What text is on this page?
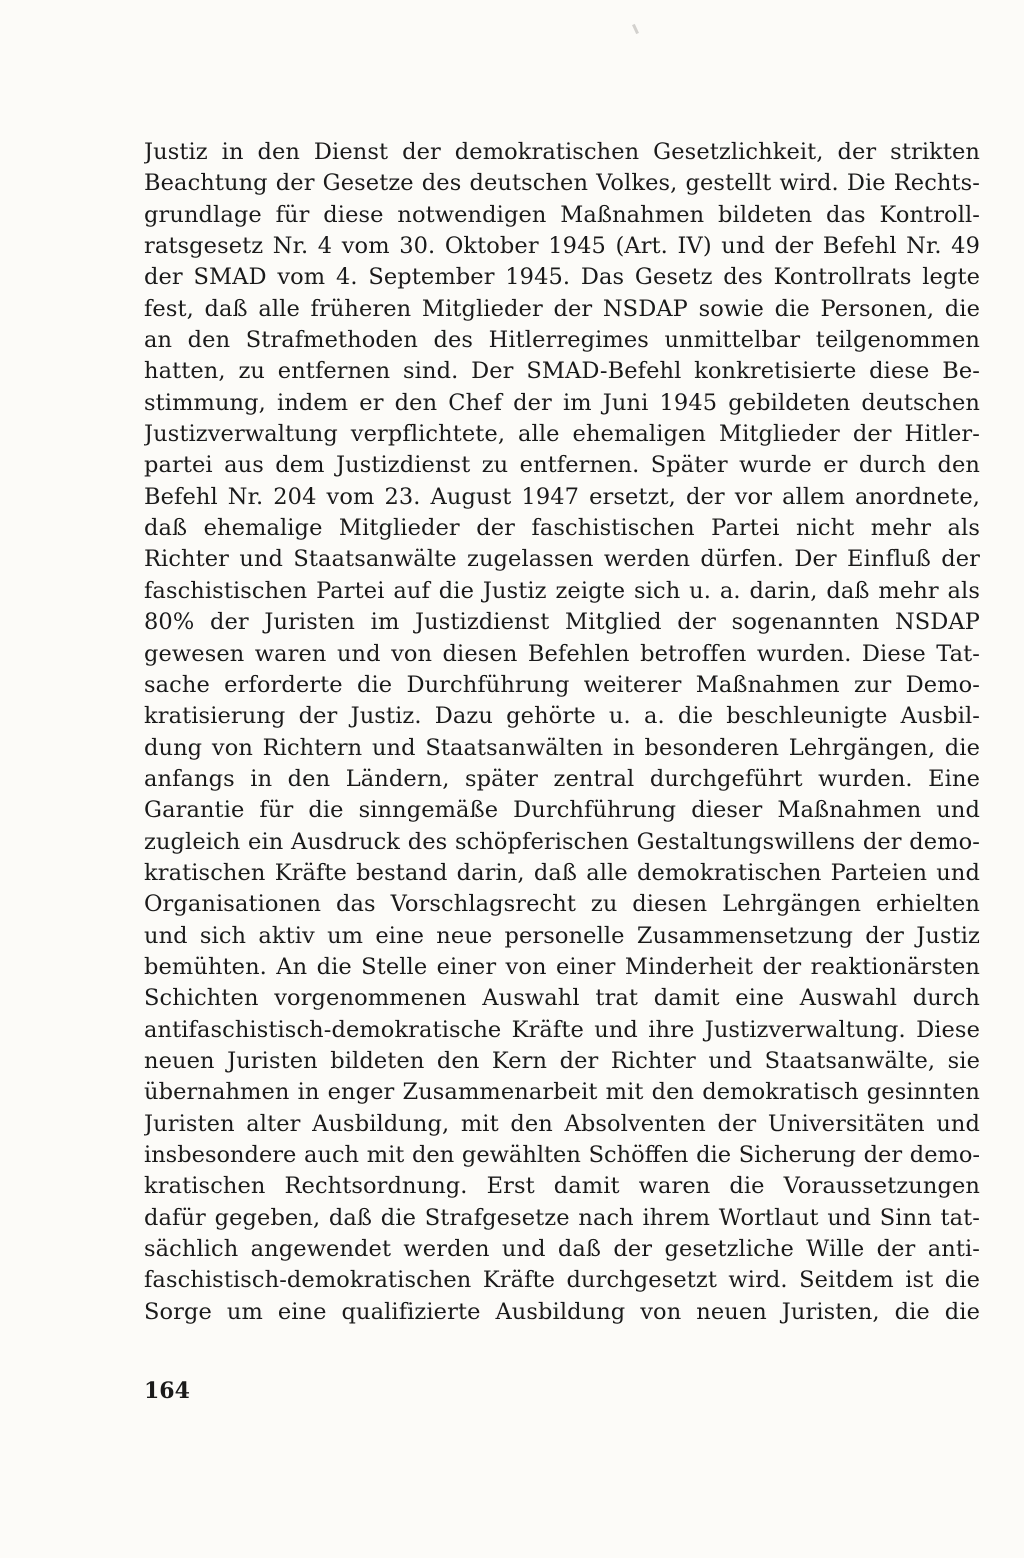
Justiz in den Dienst der demokratischen Gesetzlichkeit, der strikten
Beachtung der Gesetze des deutschen Volkes, gestellt wird. Die Rechts-
grundlage für diese notwendigen Maßnahmen bildeten das Kontroll-
ratsgesetz Nr. 4 vom 30. Oktober 1945 (Art. IV) und der Befehl Nr. 49
der SMAD vom 4. September 1945. Das Gesetz des Kontrollrats legte
fest, daß alle früheren Mitglieder der NSDAP sowie die Personen, die
an den Strafmethoden des Hitlerregimes unmittelbar teilgenommen
hatten, zu entfernen sind. Der SMAD-Befehl konkretisierte diese Be-
stimmung, indem er den Chef der im Juni 1945 gebildeten deutschen
Justizverwaltung verpflichtete, alle ehemaligen Mitglieder der Hitler-
partei aus dem Justizdienst zu entfernen. Später wurde er durch den
Befehl Nr. 204 vom 23. August 1947 ersetzt, der vor allem anordnete,
daß ehemalige Mitglieder der faschistischen Partei nicht mehr als
Richter und Staatsanwälte zugelassen werden dürfen. Der Einfluß der
faschistischen Partei auf die Justiz zeigte sich u. a. darin, daß mehr als
80% der Juristen im Justizdienst Mitglied der sogenannten NSDAP
gewesen waren und von diesen Befehlen betroffen wurden. Diese Tat-
sache erforderte die Durchführung weiterer Maßnahmen zur Demo-
kratisierung der Justiz. Dazu gehörte u. a. die beschleunigte Ausbil-
dung von Richtern und Staatsanwälten in besonderen Lehrgängen, die
anfangs in den Ländern, später zentral durchgeführt wurden. Eine
Garantie für die sinngemäße Durchführung dieser Maßnahmen und
zugleich ein Ausdruck des schöpferischen Gestaltungswillens der demo-
kratischen Kräfte bestand darin, daß alle demokratischen Parteien und
Organisationen das Vorschlagsrecht zu diesen Lehrgängen erhielten
und sich aktiv um eine neue personelle Zusammensetzung der Justiz
bemühten. An die Stelle einer von einer Minderheit der reaktionärsten
Schichten vorgenommenen Auswahl trat damit eine Auswahl durch
antifaschistisch-demokratische Kräfte und ihre Justizverwaltung. Diese
neuen Juristen bildeten den Kern der Richter und Staatsanwälte, sie
übernahmen in enger Zusammenarbeit mit den demokratisch gesinnten
Juristen alter Ausbildung, mit den Absolventen der Universitäten und
insbesondere auch mit den gewählten Schöffen die Sicherung der demo-
kratischen Rechtsordnung. Erst damit waren die Voraussetzungen
dafür gegeben, daß die Strafgesetze nach ihrem Wortlaut und Sinn tat-
sächlich angewendet werden und daß der gesetzliche Wille der anti-
faschistisch-demokratischen Kräfte durchgesetzt wird. Seitdem ist die
Sorge um eine qualifizierte Ausbildung von neuen Juristen, die die
164
